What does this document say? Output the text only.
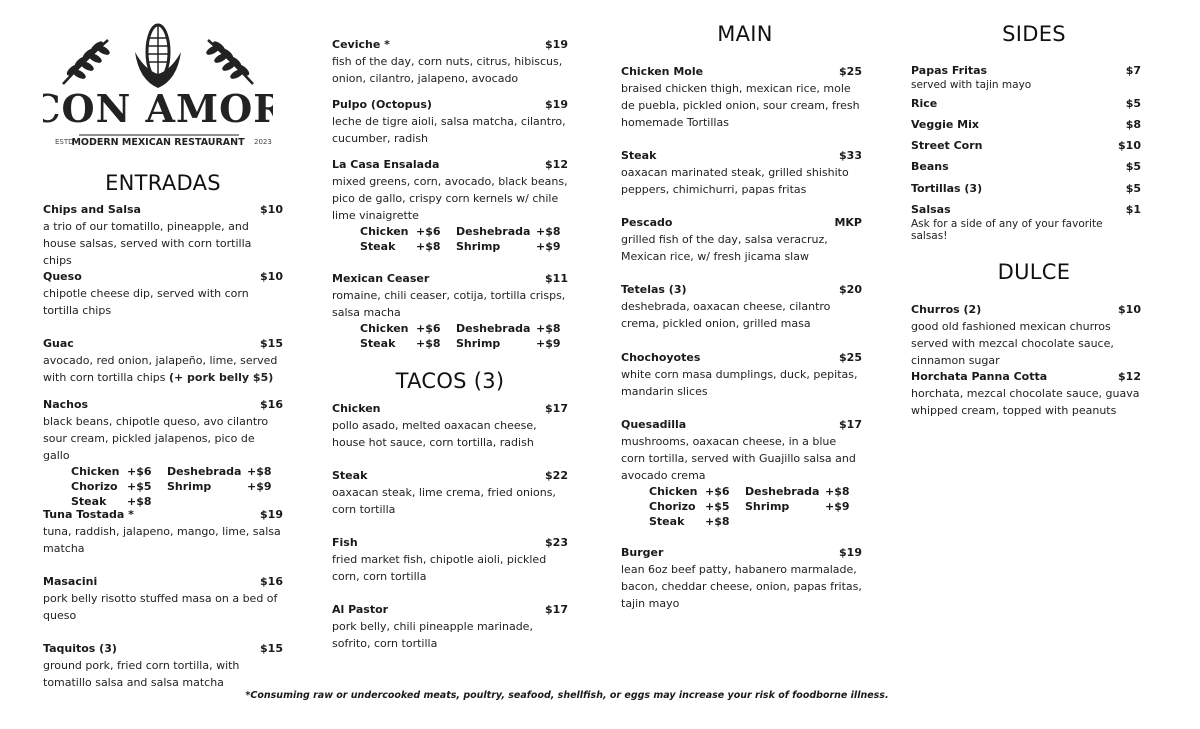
CON AMOR
ESTD
MODERN MEXICAN RESTAURANT 2023
ENTRADAS
Chips and Salsa	$10
a trio of our tomatillo, pineapple, and house salsas, served with corn tortilla chips
Queso	$10
chipotle cheese dip, served with corn tortilla chips
Guac	$15
avocado, red onion, jalapeño, lime, served with corn tortilla chips (+ pork belly $5)
Nachos	$16
black beans, chipotle queso, avo cilantro sour cream, pickled jalapenos, pico de gallo
Chicken +$6	Deshebrada +$8
Chorizo +$5	Shrimp	+$9
Steak	+$8
Tuna Tostada *	$19
tuna, raddish, jalapeno, mango, lime, salsa matcha
Masacini	$16
pork belly risotto stuffed masa on a bed of queso
Taquitos (3)	$15
ground pork, fried corn tortilla, with tomatillo salsa and salsa matcha
Ceviche *	$19
fish of the day, corn nuts, citrus, hibiscus, onion, cilantro, jalapeno, avocado
Pulpo (Octopus)	$19
leche de tigre aioli, salsa matcha, cilantro, cucumber, radish
La Casa Ensalada	$12
mixed greens, corn, avocado, black beans, pico de gallo, crispy corn kernels w/ chile lime vinaigrette
Chicken +$6	Deshebrada +$8
Steak	+$8	Shrimp	+$9
Mexican Ceaser	$11
romaine, chili ceaser, cotija, tortilla crisps, salsa macha
Chicken +$6	Deshebrada +$8
Steak	+$8	Shrimp	+$9
TACOS (3)
Chicken	$17
pollo asado, melted oaxacan cheese, house hot sauce, corn tortilla, radish
Steak	$22
oaxacan steak, lime crema, fried onions, corn tortilla
Fish	$23
fried market fish, chipotle aioli, pickled corn, corn tortilla
Al Pastor	$17
pork belly, chili pineapple marinade, sofrito, corn tortilla
MAIN
Chicken Mole	$25
braised chicken thigh, mexican rice, mole de puebla, pickled onion, sour cream, fresh homemade Tortillas
Steak	$33
oaxacan marinated steak, grilled shishito peppers, chimichurri, papas fritas
Pescado	MKP
grilled fish of the day, salsa veracruz, Mexican rice, w/ fresh jicama slaw
Tetelas (3)	$20
deshebrada, oaxacan cheese, cilantro crema, pickled onion, grilled masa
Chochoyotes	$25
white corn masa dumplings, duck, pepitas, mandarin slices
Quesadilla	$17
mushrooms, oaxacan cheese, in a blue corn tortilla, served with Guajillo salsa and avocado crema
Chicken +$6	Deshebrada +$8
Chorizo +$5	Shrimp	+$9
Steak	+$8
Burger	$19
lean 6oz beef patty, habanero marmalade, bacon, cheddar cheese, onion, papas fritas, tajin mayo
SIDES
Papas Fritas	$7
served with tajin mayo
Rice	$5
Veggie Mix	$8
Street Corn	$10
Beans	$5
Tortillas (3)	$5
Salsas	$1
Ask for a side of any of your favorite salsas!
DULCE
Churros (2)	$10
good old fashioned mexican churros served with mezcal chocolate sauce, cinnamon sugar
Horchata Panna Cotta	$12
horchata, mezcal chocolate sauce, guava whipped cream, topped with peanuts
*Consuming raw or undercooked meats, poultry, seafood, shellfish, or eggs may increase your risk of foodborne illness.
